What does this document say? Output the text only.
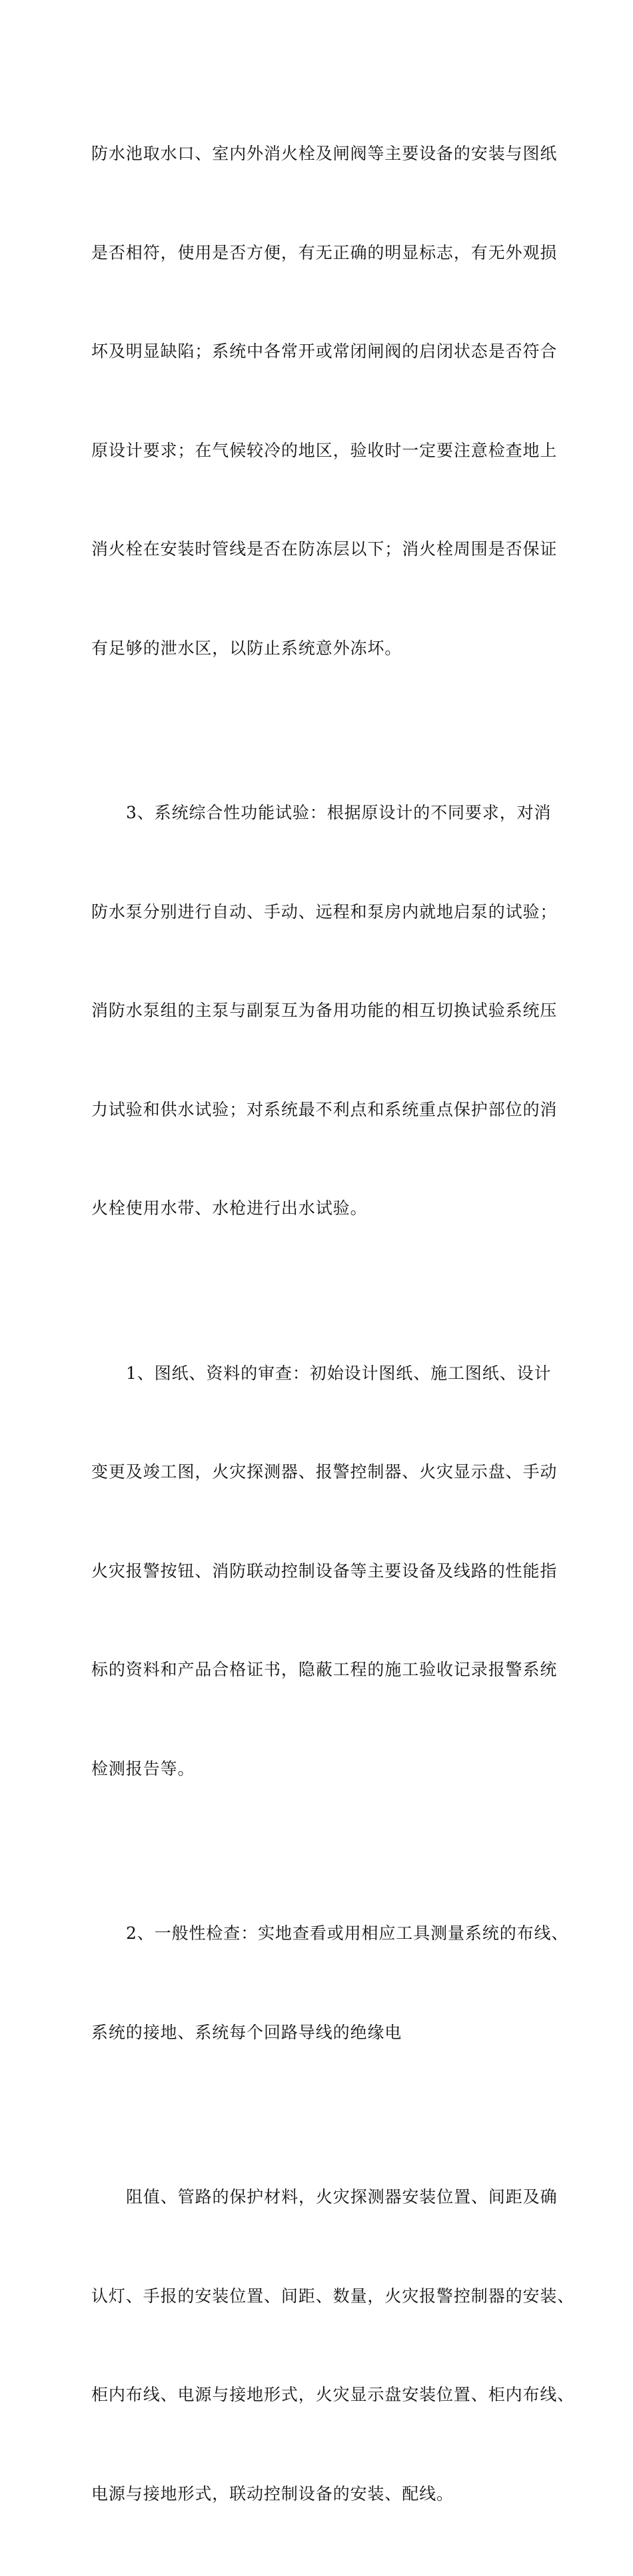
防水池取水口、室内外消火栓及闸阀等主要设备的安装与图纸

是否相符，使用是否方便，有无正确的明显标志，有无外观损

坏及明显缺陷；系统中各常开或常闭闸阀的启闭状态是否符合

原设计要求；在气候较冷的地区，验收时一定要注意检查地上

消火栓在安装时管线是否在防冻层以下；消火栓周围是否保证

有足够的泄水区，以防止系统意外冻坏。

3、系统综合性功能试验：根据原设计的不同要求，对消

防水泵分别进行自动、手动、远程和泵房内就地启泵的试验；

消防水泵组的主泵与副泵互为备用功能的相互切换试验系统压

力试验和供水试验；对系统最不利点和系统重点保护部位的消

火栓使用水带、水枪进行出水试验。

1、图纸、资料的审查：初始设计图纸、施工图纸、设计

变更及竣工图，火灾探测器、报警控制器、火灾显示盘、手动

火灾报警按钮、消防联动控制设备等主要设备及线路的性能指

标的资料和产品合格证书，隐蔽工程的施工验收记录报警系统

检测报告等。

2、一般性检查：实地查看或用相应工具测量系统的布线、

系统的接地、系统每个回路导线的绝缘电

阻值、管路的保护材料，火灾探测器安装位置、间距及确

认灯、手报的安装位置、间距、数量，火灾报警控制器的安装、

柜内布线、电源与接地形式，火灾显示盘安装位置、柜内布线、

电源与接地形式，联动控制设备的安装、配线。
